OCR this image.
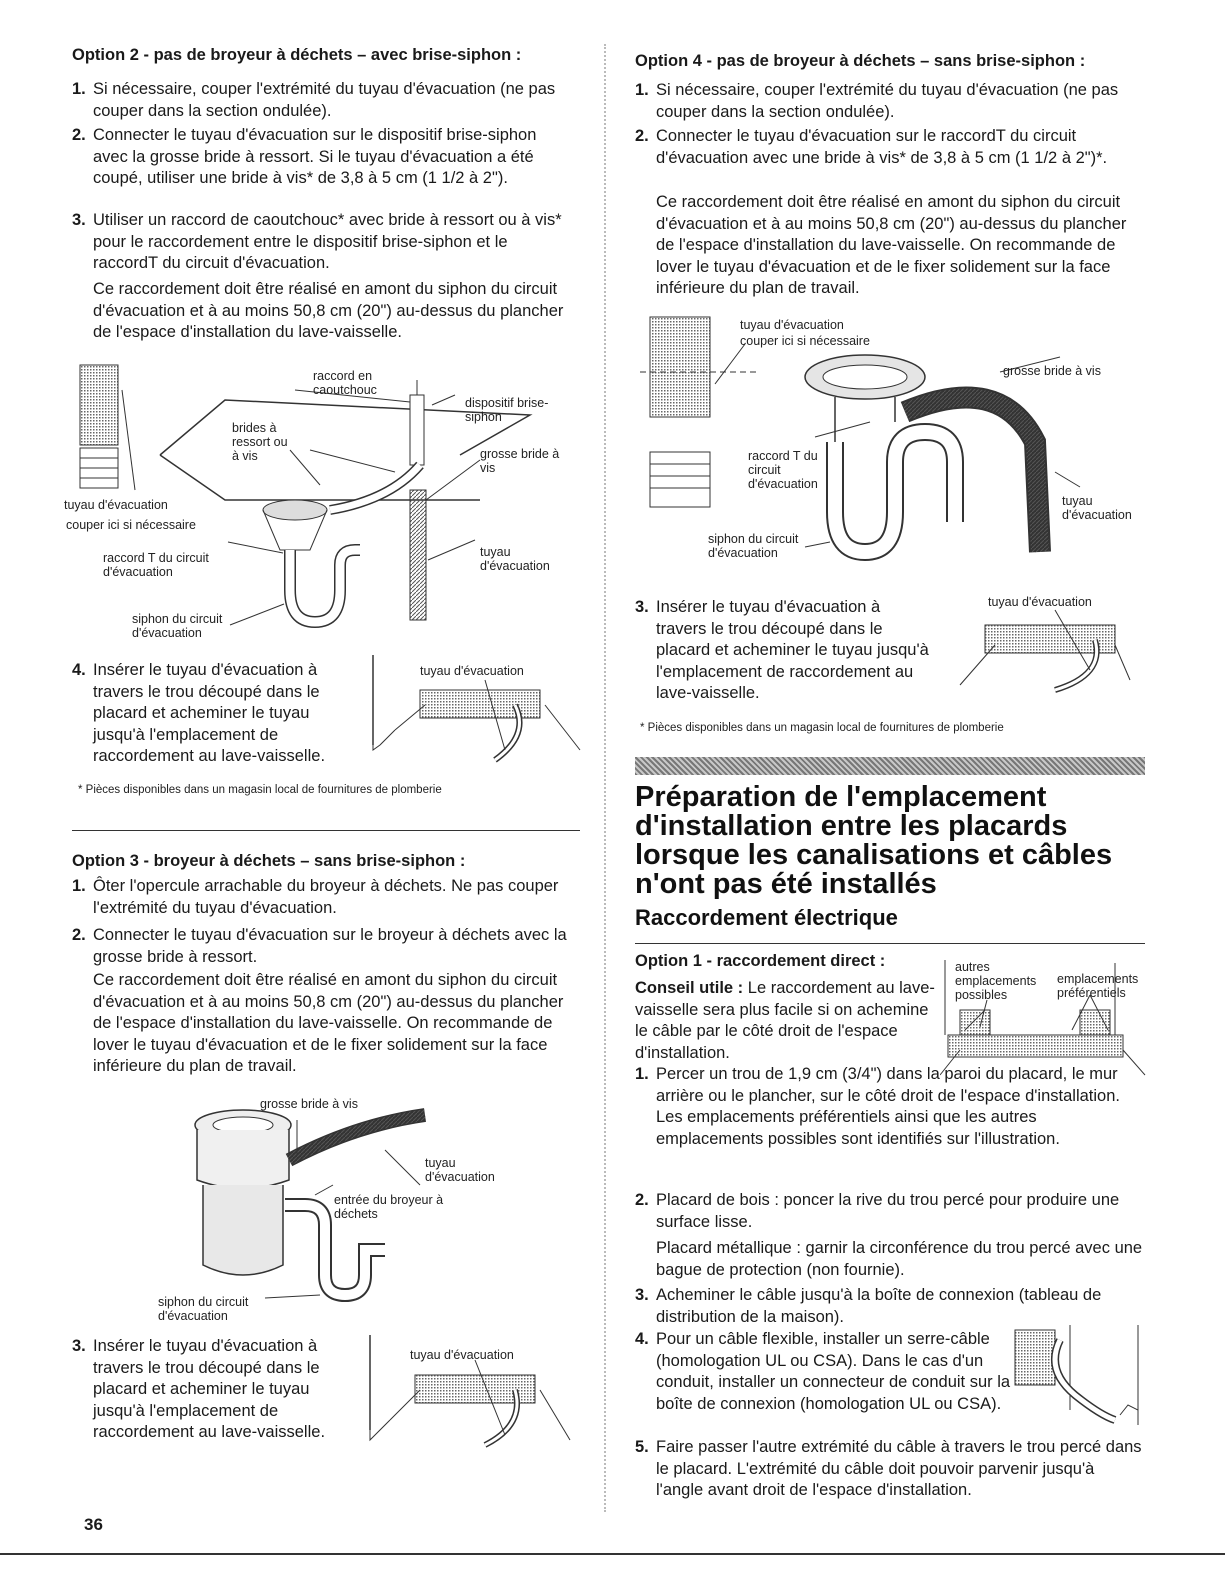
Option 2 - pas de broyeur à déchets – avec brise-siphon :
1. Si nécessaire, couper l'extrémité du tuyau d'évacuation (ne pas couper dans la section ondulée).
2. Connecter le tuyau d'évacuation sur le dispositif brise-siphon avec la grosse bride à ressort. Si le tuyau d'évacuation a été coupé, utiliser une bride à vis* de 3,8 à 5 cm (1 1/2 à 2").
3. Utiliser un raccord de caoutchouc* avec bride à ressort ou à vis* pour le raccordement entre le dispositif brise-siphon et le raccordT du circuit d'évacuation.
Ce raccordement doit être réalisé en amont du siphon du circuit d'évacuation et à au moins 50,8 cm (20") au-dessus du plancher de l'espace d'installation du lave-vaisselle.
raccord en caoutchouc
dispositif brise-siphon
brides à ressort ou à vis	grosse bride à vis
tuyau d'évacuation
couper ici si nécessaire
raccord T du circuit d'évacuation
tuyau d'évacuation
siphon du circuit d'évacuation
4. Insérer le tuyau d'évacuation à travers le trou découpé dans le placard et acheminer le tuyau jusqu'à l'emplacement de raccordement au lave-vaisselle.
tuyau d'évacuation
* Pièces disponibles dans un magasin local de fournitures de plomberie
Option 3 - broyeur à déchets – sans brise-siphon :
1. Ôter l'opercule arrachable du broyeur à déchets. Ne pas couper l'extrémité du tuyau d'évacuation.
2. Connecter le tuyau d'évacuation sur le broyeur à déchets avec la grosse bride à ressort.
Ce raccordement doit être réalisé en amont du siphon du circuit d'évacuation et à au moins 50,8 cm (20") au-dessus du plancher de l'espace d'installation du lave-vaisselle. On recommande de lover le tuyau d'évacuation et de le fixer solidement sur la face inférieure du plan de travail.
grosse bride à vis
tuyau d'évacuation
entrée du broyeur à déchets
siphon du circuit d'évacuation
3. Insérer le tuyau d'évacuation à travers le trou découpé dans le placard et acheminer le tuyau jusqu'à l'emplacement de raccordement au lave-vaisselle.
tuyau d'évacuation
36
Option 4 - pas de broyeur à déchets – sans brise-siphon :
1. Si nécessaire, couper l'extrémité du tuyau d'évacuation (ne pas couper dans la section ondulée).
2. Connecter le tuyau d'évacuation sur le raccordT du circuit d'évacuation avec une bride à vis* de 3,8 à 5 cm (1 1/2 à 2")*.
Ce raccordement doit être réalisé en amont du siphon du circuit d'évacuation et à au moins 50,8 cm (20") au-dessus du plancher de l'espace d'installation du lave-vaisselle. On recommande de lover le tuyau d'évacuation et de le fixer solidement sur la face inférieure du plan de travail.
tuyau d'évacuation
couper ici si nécessaire
grosse bride à vis
raccord T du circuit d'évacuation
tuyau d'évacuation
siphon du circuit d'évacuation
3. Insérer le tuyau d'évacuation à travers le trou découpé dans le placard et acheminer le tuyau jusqu'à l'emplacement de raccordement au lave-vaisselle.
tuyau d'évacuation
* Pièces disponibles dans un magasin local de fournitures de plomberie
Préparation de l'emplacement d'installation entre les placards lorsque les canalisations et câbles n'ont pas été installés
Raccordement électrique
Option 1 - raccordement direct :
Conseil utile : Le raccordement au lave-vaisselle sera plus facile si on achemine le câble par le côté droit de l'espace d'installation.
autres emplacements possibles
emplacements préférentiels
1. Percer un trou de 1,9 cm (3/4") dans la paroi du placard, le mur arrière ou le plancher, sur le côté droit de l'espace d'installation. Les emplacements préférentiels ainsi que les autres emplacements possibles sont identifiés sur l'illustration.
2. Placard de bois : poncer la rive du trou percé pour produire une surface lisse.
Placard métallique : garnir la circonférence du trou percé avec une bague de protection (non fournie).
3. Acheminer le câble jusqu'à la boîte de connexion (tableau de distribution de la maison).
4. Pour un câble flexible, installer un serre-câble (homologation UL ou CSA). Dans le cas d'un conduit, installer un connecteur de conduit sur la boîte de connexion (homologation UL ou CSA).
5. Faire passer l'autre extrémité du câble à travers le trou percé dans le placard. L'extrémité du câble doit pouvoir parvenir jusqu'à l'angle avant droit de l'espace d'installation.
